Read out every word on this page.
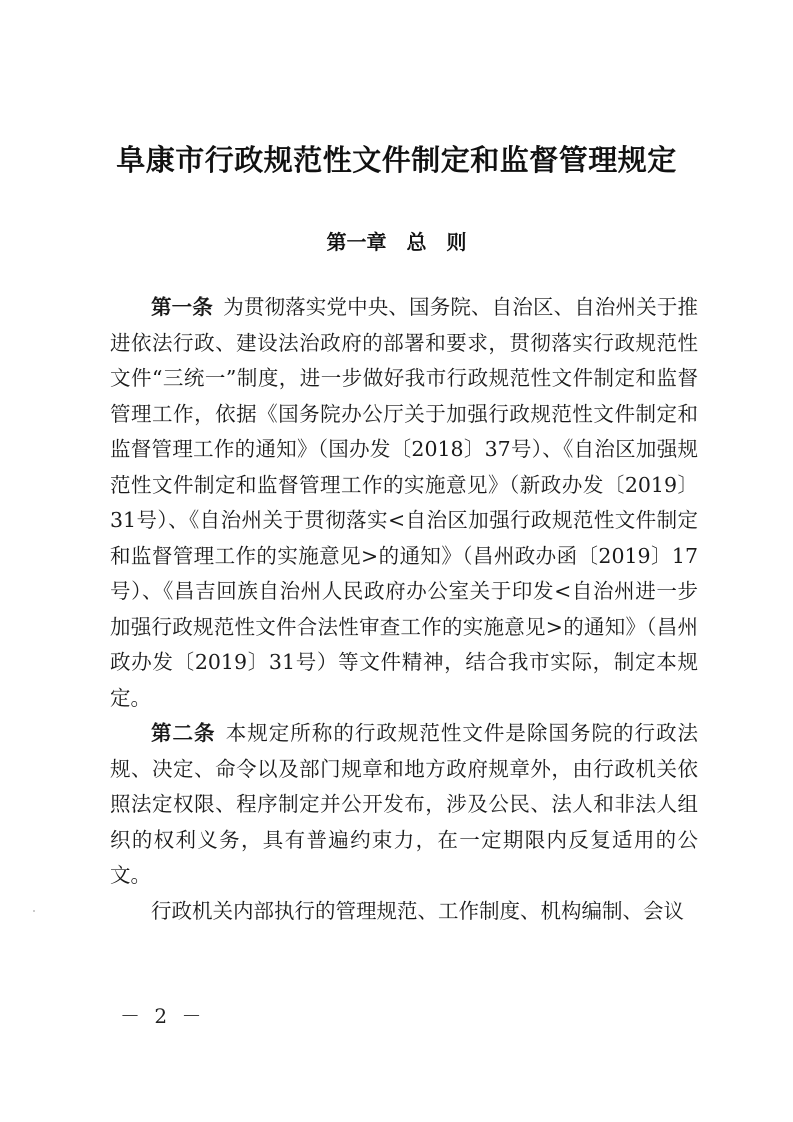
阜康市行政规范性文件制定和监督管理规定
第一章　总　则

第一条 为贯彻落实党中央、国务院、自治区、自治州关于推进依法行政、建设法治政府的部署和要求，贯彻落实行政规范性文件“三统一”制度，进一步做好我市行政规范性文件制定和监督管理工作，依据《国务院办公厅关于加强行政规范性文件制定和监督管理工作的通知》（国办发〔2018〕37号）、《自治区加强规范性文件制定和监督管理工作的实施意见》（新政办发〔2019〕31号）、《自治州关于贯彻落实<自治区加强行政规范性文件制定和监督管理工作的实施意见>的通知》（昌州政办函〔2019〕17号）、《昌吉回族自治州人民政府办公室关于印发<自治州进一步加强行政规范性文件合法性审查工作的实施意见>的通知》（昌州政办发〔2019〕31号）等文件精神，结合我市实际，制定本规定。

第二条 本规定所称的行政规范性文件是除国务院的行政法规、决定、命令以及部门规章和地方政府规章外，由行政机关依照法定权限、程序制定并公开发布，涉及公民、法人和非法人组织的权利义务，具有普遍约束力，在一定期限内反复适用的公文。

行政机关内部执行的管理规范、工作制度、机构编制、会议

－ 2 －
